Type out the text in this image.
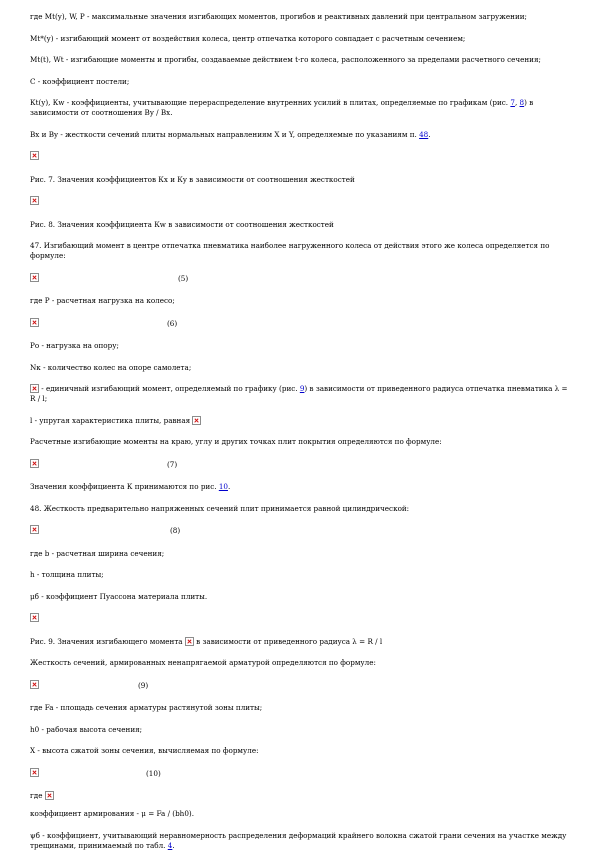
где Мt(y), W, P - максимальные значения изгибающих моментов, прогибов и реактивных давлений при центральном загружении;

Мt*(y) - изгибающий момент от воздействия колеса, центр отпечатка которого совпадает с расчетным сечением;

Мt(t), Wt - изгибающие моменты и прогибы, создаваемые действием t-го колеса, расположенного за пределами расчетного сечения;

С - коэффициент постели;

Кt(y), Кw - коэффициенты, учитывающие перераспределение внутренних усилий в плитах, определяемые по графикам (рис. 7, 8) в зависимости от соотношения Вy / Вx.

Вx и Вy - жесткости сечений плиты нормальных направлениям X и Y, определяемые по указаниям п. 48.

Рис. 7. Значения коэффициентов Кx и Кy в зависимости от соотношения жесткостей

Рис. 8. Значения коэффициента Кw в зависимости от соотношения жесткостей

47. Изгибающий момент в центре отпечатка пневматика наиболее нагруженного колеса от действия этого же колеса определяется по формуле:

(5)

где Р - расчетная нагрузка на колесо;

(6)

Рo - нагрузка на опору;

Nк - количество колес на опоре самолета;

- единичный изгибающий момент, определяемый по графику (рис. 9) в зависимости от приведенного радиуса отпечатка пневматика λ = R / l;

l - упругая характеристика плиты, равная

Расчетные изгибающие моменты на краю, углу и других точках плит покрытия определяются по формуле:

(7)

Значения коэффициента К принимаются по рис. 10.

48. Жесткость предварительно напряженных сечений плит принимается равной цилиндрической:

(8)

где b - расчетная ширина сечения;

h - толщина плиты;

μб - коэффициент Пуассона материала плиты.

Рис. 9. Значения изгибающего момента  в зависимости от приведенного радиуса λ = R / l

Жесткость сечений, армированных ненапрягаемой арматурой определяются по формуле:

(9)

где Fa - площадь сечения арматуры растянутой зоны плиты;

h0 - рабочая высота сечения;

Х - высота сжатой зоны сечения, вычисляемая по формуле:

(10)

где

коэффициент армирования - μ = Fa / (bh0).

ψб - коэффициент, учитывающий неравномерность распределения деформаций крайнего волокна сжатой грани сечения на участке между трещинами, принимаемый по табл. 4.
